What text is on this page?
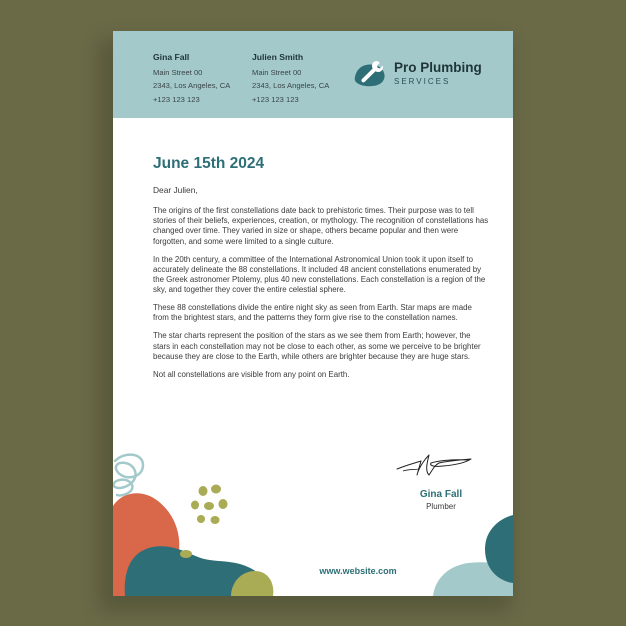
Gina Fall
Main Street 00
2343, Los Angeles, CA
+123 123 123
Julien Smith
Main Street 00
2343, Los Angeles, CA
+123 123 123
Pro Plumbing
SERVICES
June 15th 2024
Dear Julien,

The origins of the first constellations date back to prehistoric times. Their purpose was to tell stories of their beliefs, experiences, creation, or mythology. The recognition of constellations has changed over time. They varied in size or shape, others became popular and then were forgotten, and some were limited to a single culture.

In the 20th century, a committee of the International Astronomical Union took it upon itself to accurately delineate the 88 constellations. It included 48 ancient constellations enumerated by the Greek astronomer Ptolemy, plus 40 new constellations. Each constellation is a region of the sky, and together they cover the entire celestial sphere.

These 88 constellations divide the entire night sky as seen from Earth. Star maps are made from the brightest stars, and the patterns they form give rise to the constellation names.

The star charts represent the position of the stars as we see them from Earth; however, the stars in each constellation may not be close to each other, as some we perceive to be brighter because they are close to the Earth, while others are brighter because they are huge stars.

Not all constellations are visible from any point on Earth.

Gina Fall
Plumber
www.website.com
